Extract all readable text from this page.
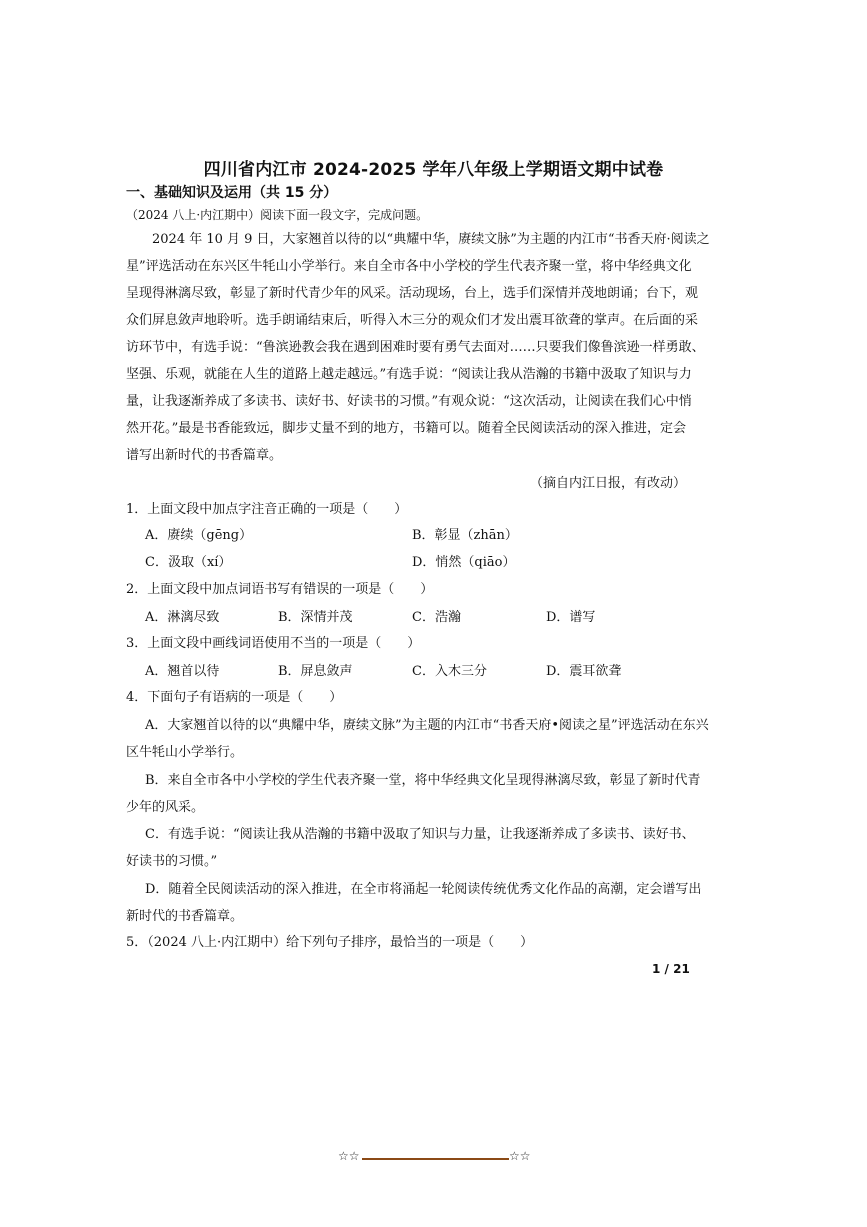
四川省内江市 2024-2025 学年八年级上学期语文期中试卷
一、基础知识及运用（共 15 分）
（2024 八上·内江期中）阅读下面一段文字，完成问题。
2024 年 10 月 9 日，大家翘首以待的以“典耀中华，赓续文脉”为主题的内江市“书香天府·阅读之
星”评选活动在东兴区牛牦山小学举行。来自全市各中小学校的学生代表齐聚一堂，将中华经典文化
呈现得淋漓尽致，彰显了新时代青少年的风采。活动现场，台上，选手们深情并茂地朗诵；台下，观
众们屏息敛声地聆听。选手朗诵结束后，听得入木三分的观众们才发出震耳欲聋的掌声。在后面的采
访环节中，有选手说：“鲁滨逊教会我在遇到困难时要有勇气去面对……只要我们像鲁滨逊一样勇敢、
坚强、乐观，就能在人生的道路上越走越远。”有选手说：“阅读让我从浩瀚的书籍中汲取了知识与力
量，让我逐渐养成了多读书、读好书、好读书的习惯。”有观众说：“这次活动，让阅读在我们心中悄
然开花。”最是书香能致远，脚步丈量不到的地方，书籍可以。随着全民阅读活动的深入推进，定会
谱写出新时代的书香篇章。
（摘自内江日报，有改动）
1．上面文段中加点字注音正确的一项是（　　）
A．赓续（gēng）	B．彰显（zhān）
C．汲取（xí）	D．悄然（qiāo）
2．上面文段中加点词语书写有错误的一项是（　　）
A．淋漓尽致	B．深情并茂	C．浩瀚	D．谱写
3．上面文段中画线词语使用不当的一项是（　　）
A．翘首以待	B．屏息敛声	C．入木三分	D．震耳欲聋
4．下面句子有语病的一项是（　　）
A．大家翘首以待的以“典耀中华，赓续文脉”为主题的内江市“书香天府•阅读之星”评选活动在东兴
区牛牦山小学举行。
B．来自全市各中小学校的学生代表齐聚一堂，将中华经典文化呈现得淋漓尽致，彰显了新时代青
少年的风采。
C．有选手说：“阅读让我从浩瀚的书籍中汲取了知识与力量，让我逐渐养成了多读书、读好书、
好读书的习惯。”
D．随着全民阅读活动的深入推进，在全市将涌起一轮阅读传统优秀文化作品的高潮，定会谱写出
新时代的书香篇章。
5．（2024 八上·内江期中）给下列句子排序，最恰当的一项是（　　）
1 / 21
☆☆	☆☆
